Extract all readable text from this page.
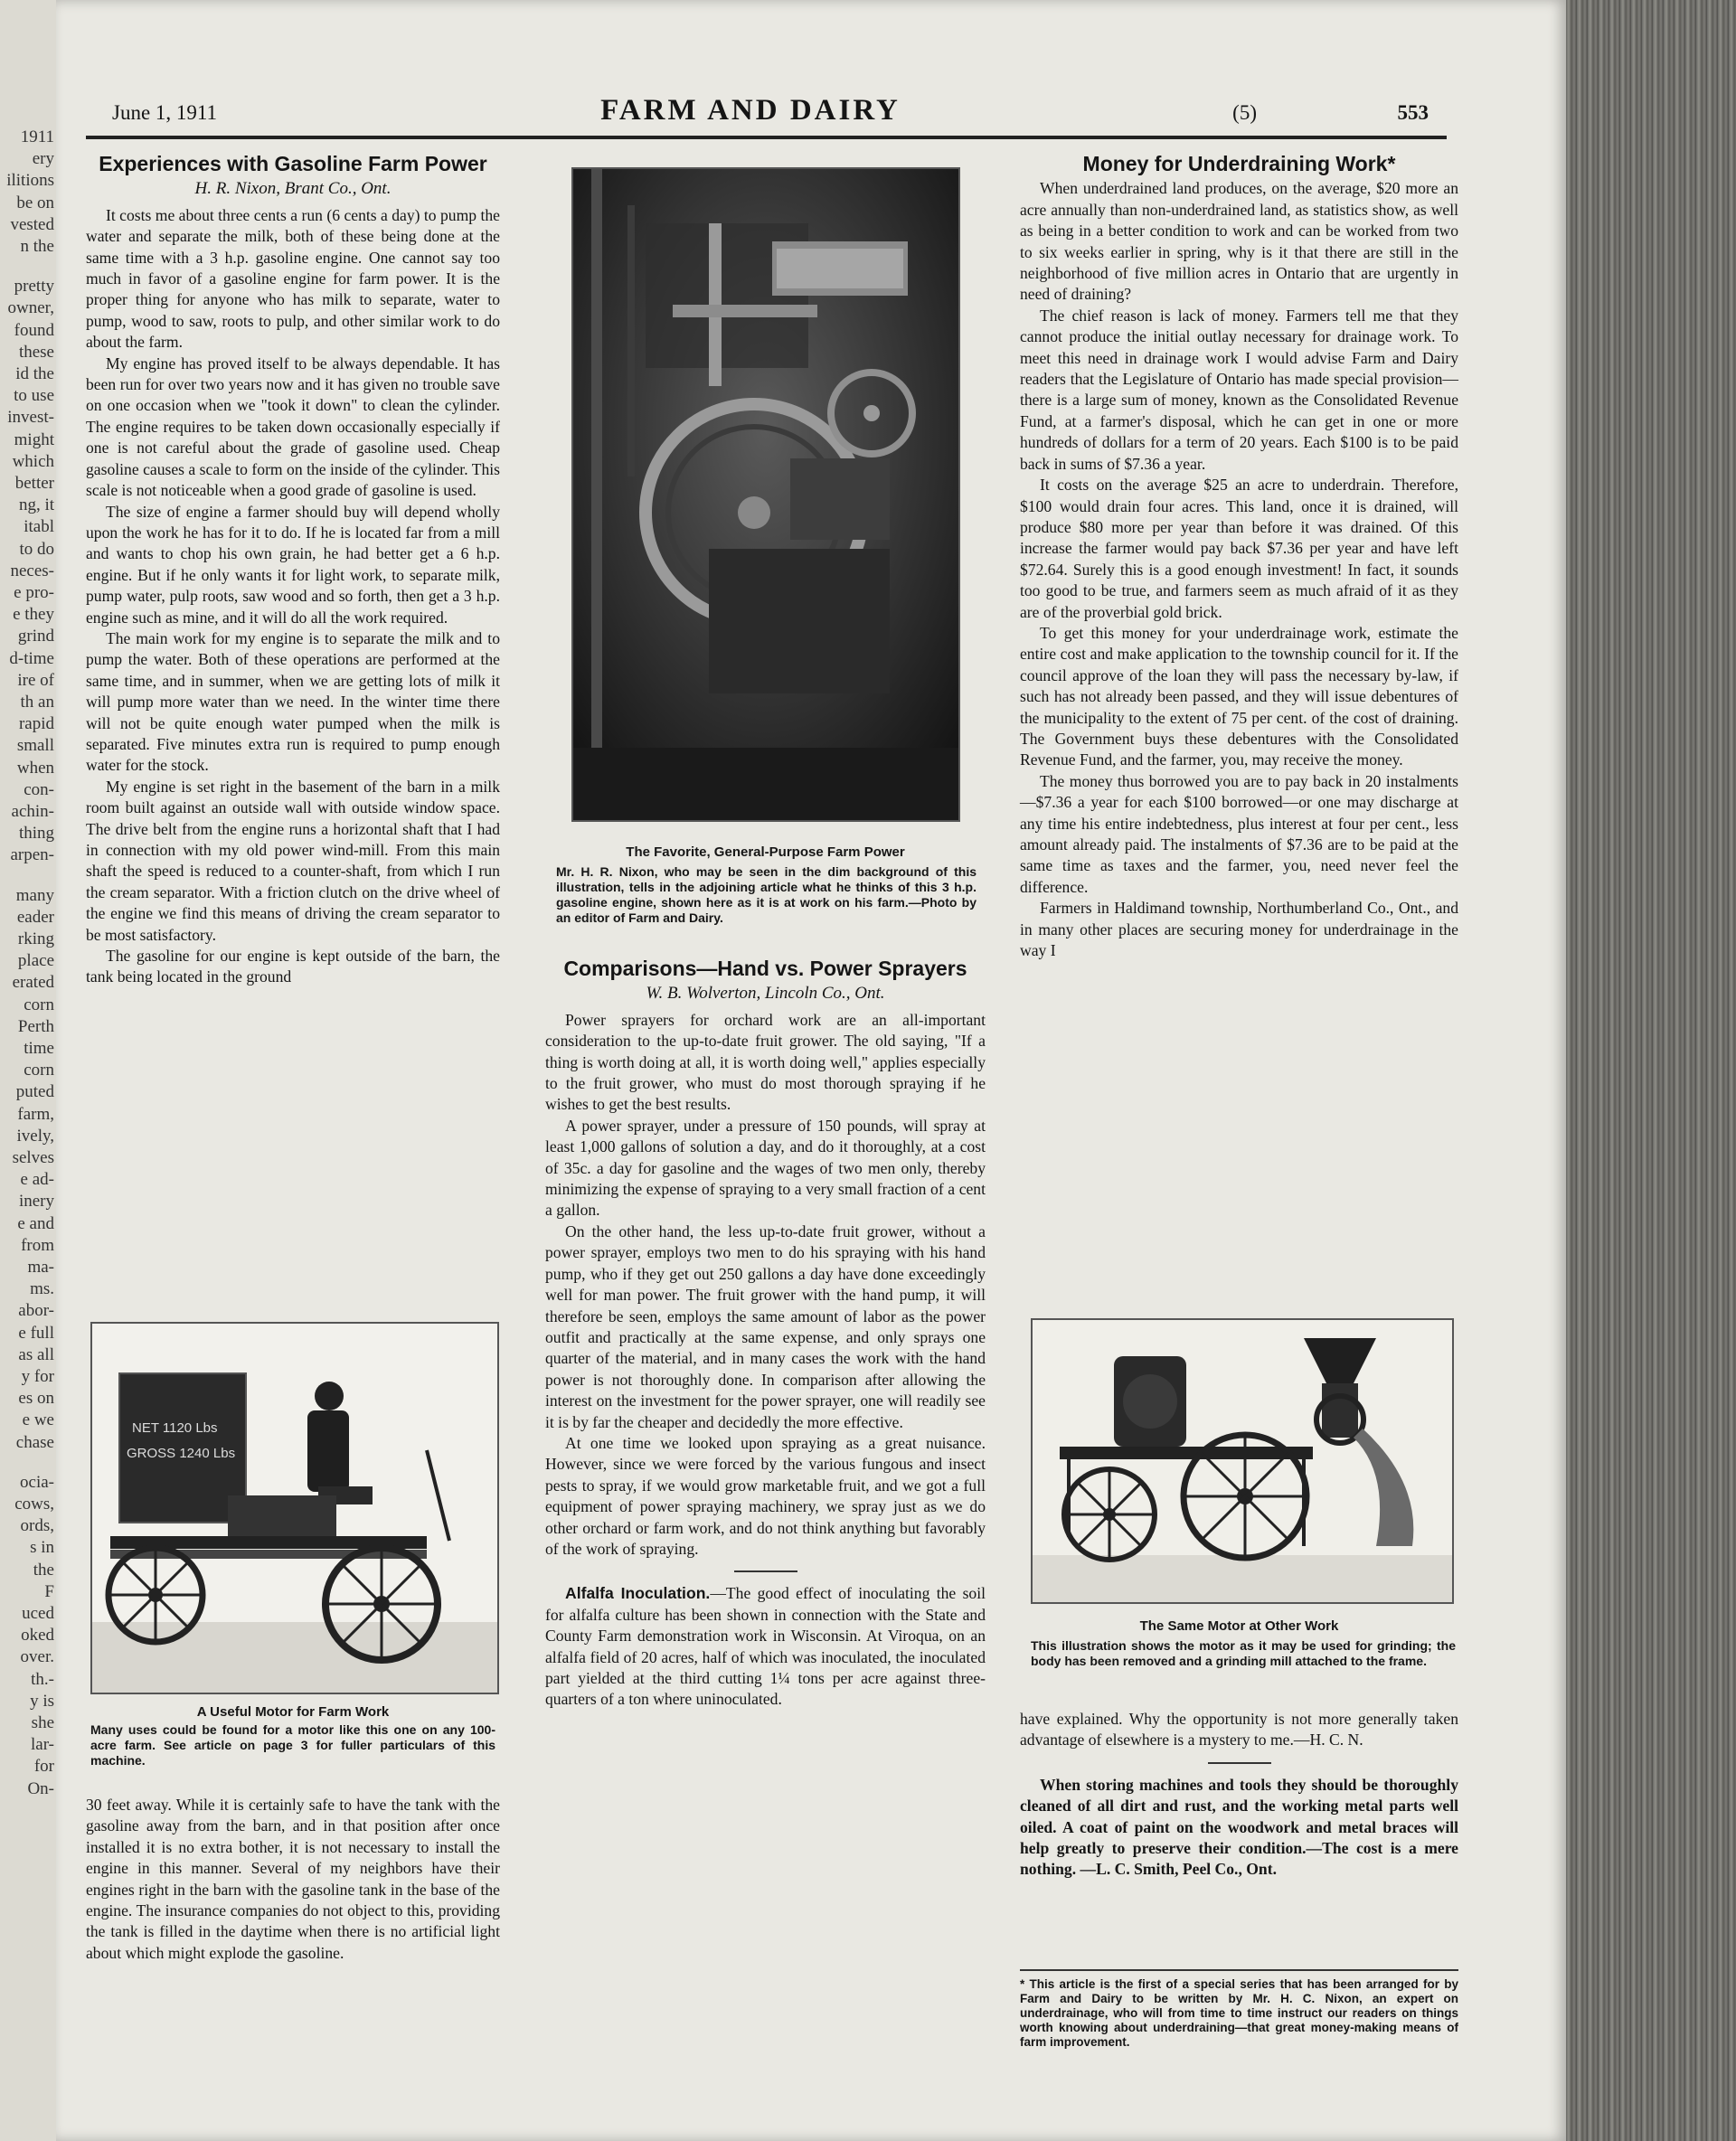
1911
ery
ilitions
be on
vested
n the
pretty
owner,
found
these
id the
to use
invest-
might
which
better
ng, it
itabl
to do
neces-
e pro-
e they
grind
d-time
ire of
th an
rapid
small
when
con-
achin-
thing
arpen-
many
eader
rking
place
erated
corn
Perth
time
corn
puted
farm,
ively,
selves
e ad-
inery
e and
from
ma-
ms.
abor-
e full
as all
y for
es on
e we
chase
ocia-
cows,
ords,
s in
the
F
uced
oked
over.
th.-
y is
she
lar-
for
On-
June 1, 1911	FARM AND DAIRY	(5)	553
Experiences with Gasoline Farm Power
H. R. Nixon, Brant Co., Ont.

It costs me about three cents a run (6 cents a day) to pump the water and separate the milk, both of these being done at the same time with a 3 h.p. gasoline engine. One cannot say too much in favor of a gasoline engine for farm power. It is the proper thing for anyone who has milk to separate, water to pump, wood to saw, roots to pulp, and other similar work to do about the farm.

My engine has proved itself to be always dependable. It has been run for over two years now and it has given no trouble save on one occasion when we "took it down" to clean the cylinder. The engine requires to be taken down occasionally especially if one is not careful about the grade of gasoline used. Cheap gasoline causes a scale to form on the inside of the cylinder. This scale is not noticeable when a good grade of gasoline is used.

The size of engine a farmer should buy will depend wholly upon the work he has for it to do. If he is located far from a mill and wants to chop his own grain, he had better get a 6 h.p. engine. But if he only wants it for light work, to separate milk, pump water, pulp roots, saw wood and so forth, then get a 3 h.p. engine such as mine, and it will do all the work required.

The main work for my engine is to separate the milk and to pump the water. Both of these operations are performed at the same time, and in summer, when we are getting lots of milk it will pump more water than we need. In the winter time there will not be quite enough water pumped when the milk is separated. Five minutes extra run is required to pump enough water for the stock.

My engine is set right in the basement of the barn in a milk room built against an outside wall with outside window space. The drive belt from the engine runs a horizontal shaft that I had in connection with my old power wind-mill. From this main shaft the speed is reduced to a counter-shaft, from which I run the cream separator. With a friction clutch on the drive wheel of the engine we find this means of driving the cream separator to be most satisfactory.

The gasoline for our engine is kept outside of the barn, the tank being located in the ground

NET 1120 Lbs
GROSS 1240 Lbs
A Useful Motor for Farm Work
Many uses could be found for a motor like this one on any 100-acre farm. See article on page 3 for fuller particulars of this machine.

30 feet away. While it is certainly safe to have the tank with the gasoline away from the barn, and in that position after once installed it is no extra bother, it is not necessary to install the engine in this manner. Several of my neighbors have their engines right in the barn with the gasoline tank in the base of the engine. The insurance companies do not object to this, providing the tank is filled in the daytime when there is no artificial light about which might explode the gasoline.

The Favorite, General-Purpose Farm Power
Mr. H. R. Nixon, who may be seen in the dim background of this illustration, tells in the adjoining article what he thinks of this 3 h.p. gasoline engine, shown here as it is at work on his farm.—Photo by an editor of Farm and Dairy.
Comparisons—Hand vs. Power Sprayers
W. B. Wolverton, Lincoln Co., Ont.

Power sprayers for orchard work are an all-important consideration to the up-to-date fruit grower. The old saying, "If a thing is worth doing at all, it is worth doing well," applies especially to the fruit grower, who must do most thorough spraying if he wishes to get the best results.

A power sprayer, under a pressure of 150 pounds, will spray at least 1,000 gallons of solution a day, and do it thoroughly, at a cost of 35c. a day for gasoline and the wages of two men only, thereby minimizing the expense of spraying to a very small fraction of a cent a gallon.

On the other hand, the less up-to-date fruit grower, without a power sprayer, employs two men to do his spraying with his hand pump, who if they get out 250 gallons a day have done exceedingly well for man power. The fruit grower with the hand pump, it will therefore be seen, employs the same amount of labor as the power outfit and practically at the same expense, and only sprays one quarter of the material, and in many cases the work with the hand power is not thoroughly done. In comparison after allowing the interest on the investment for the power sprayer, one will readily see it is by far the cheaper and decidedly the more effective.

At one time we looked upon spraying as a great nuisance. However, since we were forced by the various fungous and insect pests to spray, if we would grow marketable fruit, and we got a full equipment of power spraying machinery, we spray just as we do other orchard or farm work, and do not think anything but favorably of the work of spraying.

Alfalfa Inoculation.—The good effect of inoculating the soil for alfalfa culture has been shown in connection with the State and County Farm demonstration work in Wisconsin. At Viroqua, on an alfalfa field of 20 acres, half of which was inoculated, the inoculated part yielded at the third cutting 1¼ tons per acre against three-quarters of a ton where uninoculated.

Money for Underdraining Work*

When underdrained land produces, on the average, $20 more an acre annually than non-underdrained land, as statistics show, as well as being in a better condition to work and can be worked from two to six weeks earlier in spring, why is it that there are still in the neighborhood of five million acres in Ontario that are urgently in need of draining?

The chief reason is lack of money. Farmers tell me that they cannot produce the initial outlay necessary for drainage work. To meet this need in drainage work I would advise Farm and Dairy readers that the Legislature of Ontario has made special provision—there is a large sum of money, known as the Consolidated Revenue Fund, at a farmer's disposal, which he can get in one or more hundreds of dollars for a term of 20 years. Each $100 is to be paid back in sums of $7.36 a year.

It costs on the average $25 an acre to underdrain. Therefore, $100 would drain four acres. This land, once it is drained, will produce $80 more per year than before it was drained. Of this increase the farmer would pay back $7.36 per year and have left $72.64. Surely this is a good enough investment! In fact, it sounds too good to be true, and farmers seem as much afraid of it as they are of the proverbial gold brick.

To get this money for your underdrainage work, estimate the entire cost and make application to the township council for it. If the council approve of the loan they will pass the necessary by-law, if such has not already been passed, and they will issue debentures of the municipality to the extent of 75 per cent. of the cost of draining. The Government buys these debentures with the Consolidated Revenue Fund, and the farmer, you, may receive the money.

The money thus borrowed you are to pay back in 20 instalments—$7.36 a year for each $100 borrowed—or one may discharge at any time his entire indebtedness, plus interest at four per cent., less amount already paid. The instalments of $7.36 are to be paid at the same time as taxes and the farmer, you, need never feel the difference.

Farmers in Haldimand township, Northumberland Co., Ont., and in many other places are securing money for underdrainage in the way I

The Same Motor at Other Work
This illustration shows the motor as it may be used for grinding; the body has been removed and a grinding mill attached to the frame.

have explained. Why the opportunity is not more generally taken advantage of elsewhere is a mystery to me.—H. C. N.

When storing machines and tools they should be thoroughly cleaned of all dirt and rust, and the working metal parts well oiled. A coat of paint on the woodwork and metal braces will help greatly to preserve their condition.—The cost is a mere nothing. —L. C. Smith, Peel Co., Ont.

* This article is the first of a special series that has been arranged for by Farm and Dairy to be written by Mr. H. C. Nixon, an expert on underdrainage, who will from time to time instruct our readers on things worth knowing about underdraining—that great money-making means of farm improvement.
